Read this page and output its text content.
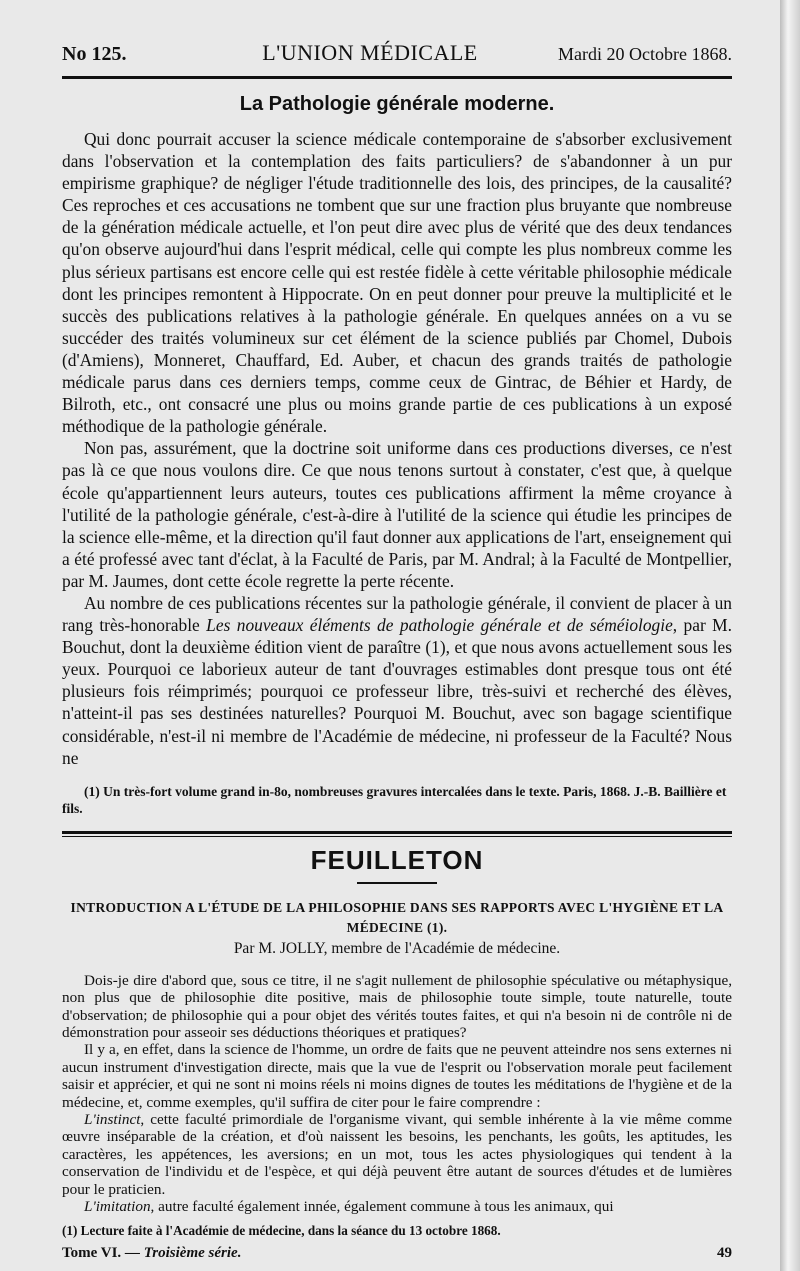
No 125.	L'UNION MÉDICALE	Mardi 20 Octobre 1868.
La Pathologie générale moderne.

Qui donc pourrait accuser la science médicale contemporaine de s'absorber exclusivement dans l'observation et la contemplation des faits particuliers? de s'abandonner à un pur empirisme graphique? de négliger l'étude traditionnelle des lois, des principes, de la causalité? Ces reproches et ces accusations ne tombent que sur une fraction plus bruyante que nombreuse de la génération médicale actuelle, et l'on peut dire avec plus de vérité que des deux tendances qu'on observe aujourd'hui dans l'esprit médical, celle qui compte les plus nombreux comme les plus sérieux partisans est encore celle qui est restée fidèle à cette véritable philosophie médicale dont les principes remontent à Hippocrate. On en peut donner pour preuve la multiplicité et le succès des publications relatives à la pathologie générale. En quelques années on a vu se succéder des traités volumineux sur cet élément de la science publiés par Chomel, Dubois (d'Amiens), Monneret, Chauffard, Ed. Auber, et chacun des grands traités de pathologie médicale parus dans ces derniers temps, comme ceux de Gintrac, de Béhier et Hardy, de Bilroth, etc., ont consacré une plus ou moins grande partie de ces publications à un exposé méthodique de la pathologie générale.

Non pas, assurément, que la doctrine soit uniforme dans ces productions diverses, ce n'est pas là ce que nous voulons dire. Ce que nous tenons surtout à constater, c'est que, à quelque école qu'appartiennent leurs auteurs, toutes ces publications affirment la même croyance à l'utilité de la pathologie générale, c'est-à-dire à l'utilité de la science qui étudie les principes de la science elle-même, et la direction qu'il faut donner aux applications de l'art, enseignement qui a été professé avec tant d'éclat, à la Faculté de Paris, par M. Andral; à la Faculté de Montpellier, par M. Jaumes, dont cette école regrette la perte récente.

Au nombre de ces publications récentes sur la pathologie générale, il convient de placer à un rang très-honorable Les nouveaux éléments de pathologie générale et de séméiologie, par M. Bouchut, dont la deuxième édition vient de paraître (1), et que nous avons actuellement sous les yeux. Pourquoi ce laborieux auteur de tant d'ouvrages estimables dont presque tous ont été plusieurs fois réimprimés; pourquoi ce professeur libre, très-suivi et recherché des élèves, n'atteint-il pas ses destinées naturelles? Pourquoi M. Bouchut, avec son bagage scientifique considérable, n'est-il ni membre de l'Académie de médecine, ni professeur de la Faculté? Nous ne

(1) Un très-fort volume grand in-8o, nombreuses gravures intercalées dans le texte. Paris, 1868. J.-B. Baillière et fils.
FEUILLETON
INTRODUCTION A L'ÉTUDE DE LA PHILOSOPHIE DANS SES RAPPORTS AVEC L'HYGIÈNE ET LA MÉDECINE (1).
Par M. JOLLY, membre de l'Académie de médecine.

Dois-je dire d'abord que, sous ce titre, il ne s'agit nullement de philosophie spéculative ou métaphysique, non plus que de philosophie dite positive, mais de philosophie toute simple, toute naturelle, toute d'observation; de philosophie qui a pour objet des vérités toutes faites, et qui n'a besoin ni de contrôle ni de démonstration pour asseoir ses déductions théoriques et pratiques?

Il y a, en effet, dans la science de l'homme, un ordre de faits que ne peuvent atteindre nos sens externes ni aucun instrument d'investigation directe, mais que la vue de l'esprit ou l'observation morale peut facilement saisir et apprécier, et qui ne sont ni moins réels ni moins dignes de toutes les méditations de l'hygiène et de la médecine, et, comme exemples, qu'il suffira de citer pour le faire comprendre :

L'instinct, cette faculté primordiale de l'organisme vivant, qui semble inhérente à la vie même comme œuvre inséparable de la création, et d'où naissent les besoins, les penchants, les goûts, les aptitudes, les caractères, les appétences, les aversions; en un mot, tous les actes physiologiques qui tendent à la conservation de l'individu et de l'espèce, et qui déjà peuvent être autant de sources d'études et de lumières pour le praticien.

L'imitation, autre faculté également innée, également commune à tous les animaux, qui

(1) Lecture faite à l'Académie de médecine, dans la séance du 13 octobre 1868.
Tome VI. — Troisième série.	49
